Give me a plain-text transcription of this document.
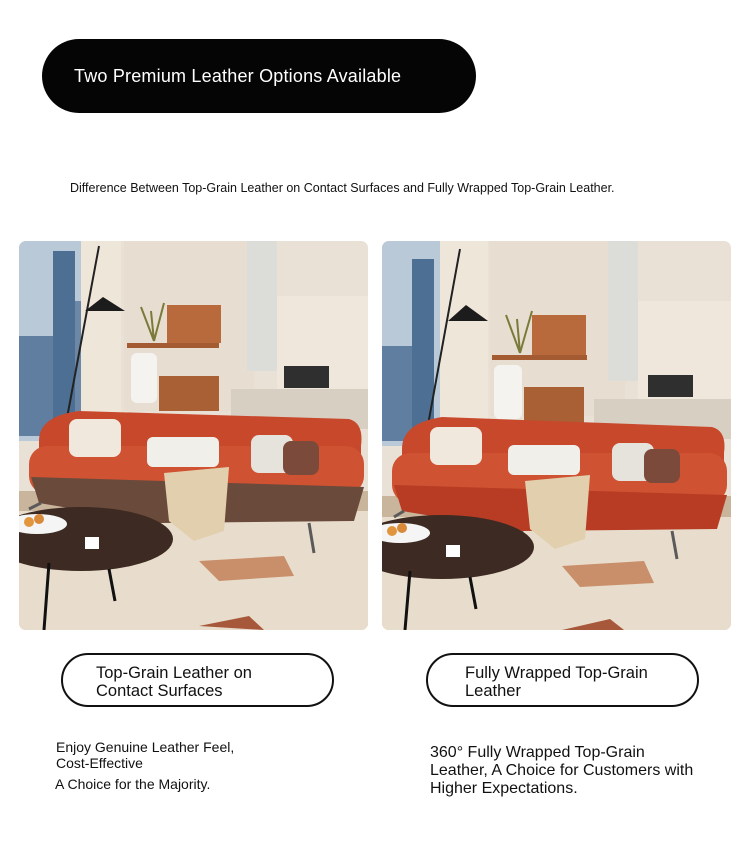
Two Premium Leather Options Available
Difference Between Top-Grain Leather on Contact Surfaces and Fully Wrapped Top-Grain Leather.
Top-Grain Leather on
Contact Surfaces
Fully Wrapped Top-Grain
Leather
Enjoy Genuine Leather Feel,
Cost-Effective
A Choice for the Majority.
360° Fully Wrapped Top-Grain
Leather, A Choice for Customers with
Higher Expectations.
